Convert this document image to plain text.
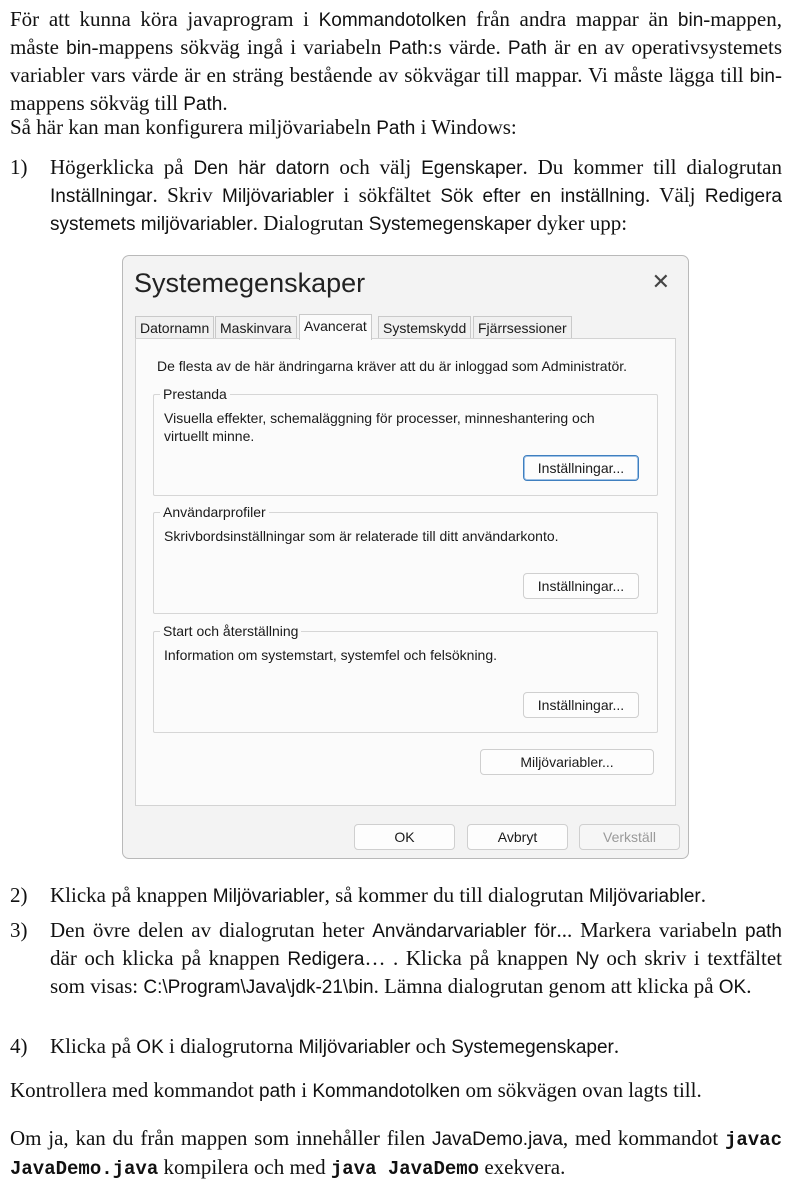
För att kunna köra javaprogram i Kommandotolken från andra mappar än bin-mappen, måste bin-mappens sökväg ingå i variabeln Path:s värde. Path är en av operativsystemets variabler vars värde är en sträng bestående av sökvägar till mappar. Vi måste lägga till bin-mappens sökväg till Path.
Så här kan man konfigurera miljövariabeln Path i Windows:
1)	Högerklicka på Den här datorn och välj Egenskaper. Du kommer till dialogrutan Inställningar. Skriv Miljövariabler i sökfältet Sök efter en inställning. Välj Redigera systemets miljövariabler. Dialogrutan Systemegenskaper dyker upp:
Systemegenskaper	✕
Datornamn Maskinvara Avancerat	Systemskydd Fjärrsessioner
De flesta av de här ändringarna kräver att du är inloggad som Administratör.
Prestanda
Visuella effekter, schemaläggning för processer, minneshantering och virtuellt minne.
Inställningar...
Användarprofiler
Skrivbordsinställningar som är relaterade till ditt användarkonto.
Inställningar...
Start och återställning
Information om systemstart, systemfel och felsökning.
Inställningar...
Miljövariabler...
OK	Avbryt	Verkställ
2)	Klicka på knappen Miljövariabler, så kommer du till dialogrutan Miljövariabler.
3)	Den övre delen av dialogrutan heter Användarvariabler för... Markera variabeln path där och klicka på knappen Redigera… . Klicka på knappen Ny och skriv i textfältet som visas: C:\Program\Java\jdk-21\bin. Lämna dialogrutan genom att klicka på OK.
4)	Klicka på OK i dialogrutorna Miljövariabler och Systemegenskaper.
Kontrollera med kommandot path i Kommandotolken om sökvägen ovan lagts till.
Om ja, kan du från mappen som innehåller filen JavaDemo.java, med kommandot javac JavaDemo.java kompilera och med java JavaDemo exekvera.
